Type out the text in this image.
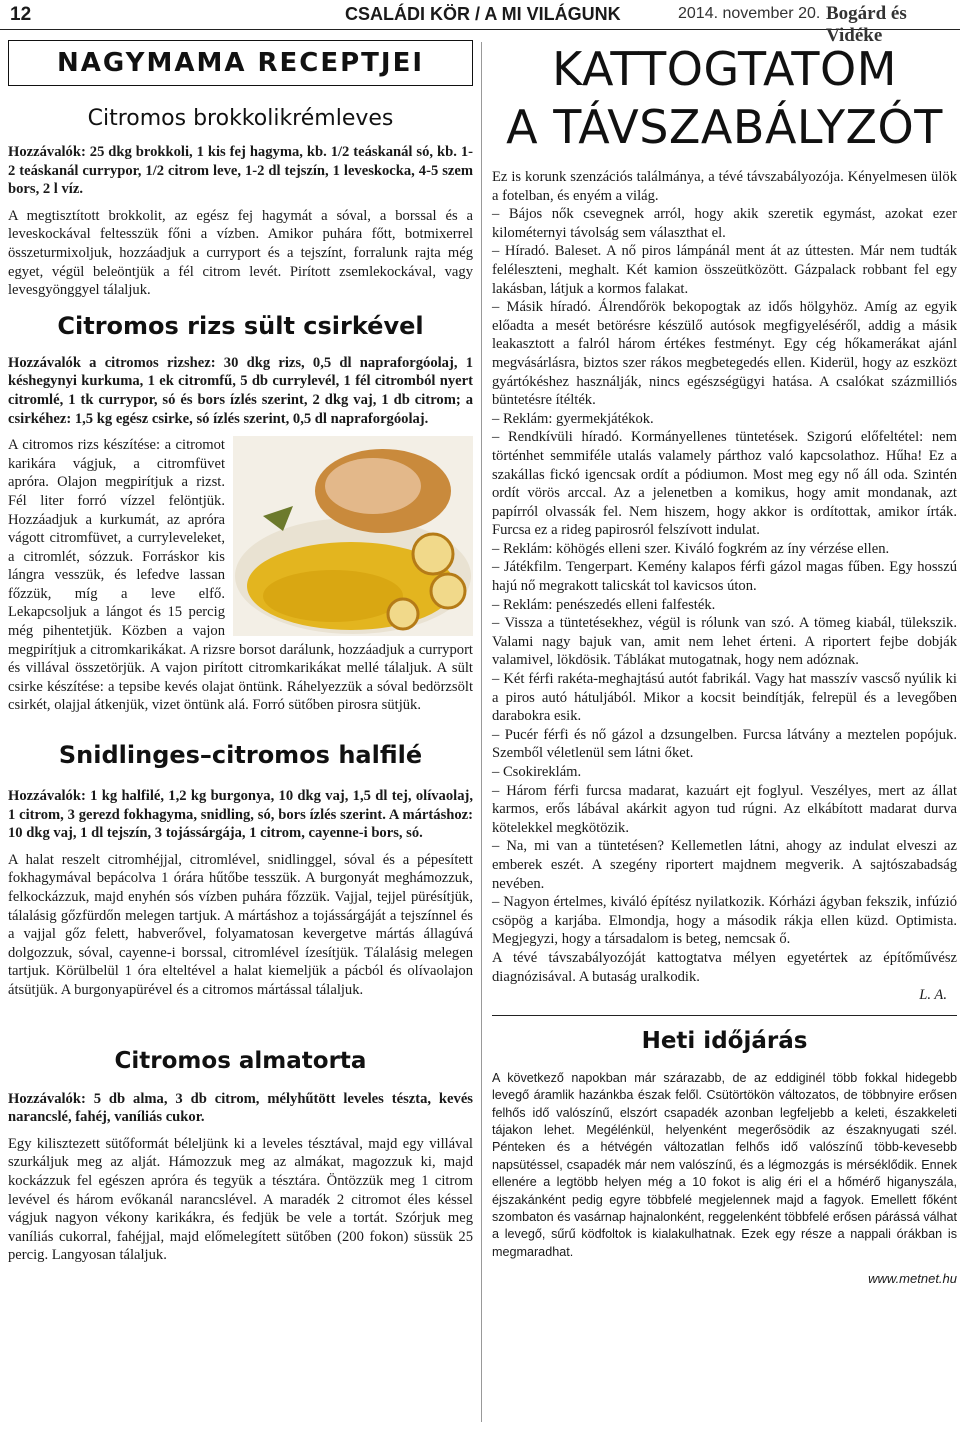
12	CSALÁDI KÖR / A MI VILÁGUNK	2014. november 20. Bogárd és Vidéke
NAGYMAMA RECEPTJEI
Citromos brokkolikrémleves

Hozzávalók: 25 dkg brokkoli, 1 kis fej hagyma, kb. 1/2 teáskanál só, kb. 1-2 teáskanál currypor, 1/2 citrom leve, 1-2 dl tejszín, 1 leveskocka, 4-5 szem bors, 2 l víz.

A megtisztított brokkolit, az egész fej hagymát a sóval, a borssal és a leveskockával feltesszük főni a vízben. Amikor puhára főtt, botmixerrel összeturmixoljuk, hozzáadjuk a curryport és a tejszínt, forralunk rajta még egyet, végül beleöntjük a fél citrom levét. Pirított zsemlekockával, vagy levesgyönggyel tálaljuk.

Citromos rizs sült csirkével

Hozzávalók a citromos rizshez: 30 dkg rizs, 0,5 dl napraforgóolaj, 1 késhegynyi kurkuma, 1 ek citromfű, 5 db currylevél, 1 fél citromból nyert citromlé, 1 tk currypor, só és bors ízlés szerint, 2 dkg vaj, 1 db citrom; a csirkéhez: 1,5 kg egész csirke, só ízlés szerint, 0,5 dl napraforgóolaj.

A citromos rizs készítése: a citromot karikára vágjuk, a citromfüvet apróra. Olajon megpirítjuk a rizst. Fél liter forró vízzel felöntjük. Hozzáadjuk a kurkumát, az apróra vágott citromfüvet, a curryleveleket, a citromlét, sózzuk. Forráskor kis lángra vesszük, és lefedve lassan főzzük, míg a leve elfő. Lekapcsoljuk a lángot és 15 percig még pihentetjük. Közben a vajon megpirítjuk a citromkarikákat. A rizsre borsot darálunk, hozzáadjuk a curryport és villával összetörjük. A vajon pirított citromkarikákat mellé tálaljuk. A sült csirke készítése: a tepsibe kevés olajat öntünk. Ráhelyezzük a sóval bedörzsölt csirkét, olajjal átkenjük, vizet öntünk alá. Forró sütőben pirosra sütjük.

Snidlinges–citromos halfilé

Hozzávalók: 1 kg halfilé, 1,2 kg burgonya, 10 dkg vaj, 1,5 dl tej, olívaolaj, 1 citrom, 3 gerezd fokhagyma, snidling, só, bors ízlés szerint. A mártáshoz: 10 dkg vaj, 1 dl tejszín, 3 tojássárgája, 1 citrom, cayenne-i bors, só.

A halat reszelt citromhéjjal, citromlével, snidlinggel, sóval és a pépesített fokhagymával bepácolva 1 órára hűtőbe tesszük. A burgonyát meghámozzuk, felkockázzuk, majd enyhén sós vízben puhára főzzük. Vajjal, tejjel pürésítjük, tálalásig gőzfürdőn melegen tartjuk. A mártáshoz a tojássárgáját a tejszínnel és a vajjal gőz felett, habverővel, folyamatosan kevergetve mártás állagúvá dolgozzuk, sóval, cayenne-i borssal, citromlével ízesítjük. Tálalásig melegen tartjuk. Körülbelül 1 óra elteltével a halat kiemeljük a pácból és olívaolajon átsütjük. A burgonyapürével és a citromos mártással tálaljuk.

Citromos almatorta

Hozzávalók: 5 db alma, 3 db citrom, mélyhűtött leveles tészta, kevés narancslé, fahéj, vaníliás cukor.

Egy kilisztezett sütőformát béleljünk ki a leveles tésztával, majd egy villával szurkáljuk meg az alját. Hámozzuk meg az almákat, magozzuk ki, majd kockázzuk fel egészen apróra és tegyük a tésztára. Öntözzük meg 1 citrom levével és három evőkanál narancslével. A maradék 2 citromot éles késsel vágjuk nagyon vékony karikákra, és fedjük be vele a tortát. Szórjuk meg vaníliás cukorral, fahéjjal, majd előmelegített sütőben (200 fokon) süssük 25 percig. Langyosan tálaljuk.

KATTOGTATOM
A TÁVSZABÁLYZÓT

Ez is korunk szenzációs találmánya, a tévé távszabályozója. Kényelmesen ülök a fotelban, és enyém a világ.

– Bájos nők csevegnek arról, hogy akik szeretik egymást, azokat ezer kilométernyi távolság sem választhat el.

– Híradó. Baleset. A nő piros lámpánál ment át az úttesten. Már nem tudták feléleszteni, meghalt. Két kamion összeütközött. Gázpalack robbant fel egy lakásban, látjuk a kormos falakat.

– Másik híradó. Álrendőrök bekopogtak az idős hölgyhöz. Amíg az egyik előadta a mesét betörésre készülő autósok megfigyeléséről, addig a másik leakasztott a falról három értékes festményt. Egy cég hőkamerákat ajánl megvásárlásra, biztos szer rákos megbetegedés ellen. Kiderül, hogy az eszközt gyártókéshez használják, nincs egészségügyi hatása. A csalókat százmilliós büntetésre ítélték.

– Reklám: gyermekjátékok.

– Rendkívüli híradó. Kormányellenes tüntetések. Szigorú előfeltétel: nem történhet semmiféle utalás valamely párthoz való kapcsolathoz. Hűha! Ez a szakállas fickó igencsak ordít a pódiumon. Most meg egy nő áll oda. Szintén ordít vörös arccal. Az a jelenetben a komikus, hogy amit mondanak, azt papírról olvassák fel. Nem hiszem, hogy akkor is ordítottak, amikor írták. Furcsa ez a rideg papirosról felszívott indulat.

– Reklám: köhögés elleni szer. Kiváló fogkrém az íny vérzése ellen.

– Játékfilm. Tengerpart. Kemény kalapos férfi gázol magas fűben. Egy hosszú hajú nő megrakott talicskát tol kavicsos úton.

– Reklám: penészedés elleni falfesték.

– Vissza a tüntetésekhez, végül is rólunk van szó. A tömeg kiabál, tülekszik. Valami nagy bajuk van, amit nem lehet érteni. A riportert fejbe dobják valamivel, lökdösik. Táblákat mutogatnak, hogy nem adóznak.

– Két férfi rakéta-meghajtású autót fabrikál. Vagy hat masszív vascső nyúlik ki a piros autó hátuljából. Mikor a kocsit beindítják, felrepül és a levegőben darabokra esik.

– Pucér férfi és nő gázol a dzsungelben. Furcsa látvány a meztelen popójuk. Szemből véletlenül sem látni őket.

– Csokireklám.

– Három férfi furcsa madarat, kazuárt ejt foglyul. Veszélyes, mert az állat karmos, erős lábával akárkit agyon tud rúgni. Az elkábított madarat durva kötelekkel megkötözik.

– Na, mi van a tüntetésen? Kellemetlen látni, ahogy az indulat elveszi az emberek eszét. A szegény riportert majdnem megverik. A sajtószabadság nevében.

– Nagyon értelmes, kiváló építész nyilatkozik. Kórházi ágyban fekszik, infúzió csöpög a karjába. Elmondja, hogy a második rákja ellen küzd. Optimista. Megjegyzi, hogy a társadalom is beteg, nemcsak ő.

A tévé távszabályozóját kattogtatva mélyen egyetértek az építőművész diagnózisával. A butaság uralkodik.

L. A.

Heti időjárás

A következő napokban már szárazabb, de az eddiginél több fokkal hidegebb levegő áramlik hazánkba észak felől. Csütörtökön változatos, de többnyire erősen felhős idő valószínű, elszórt csapadék azonban legfeljebb a keleti, északkeleti tájakon lehet. Megélénkül, helyenként megerősödik az északnyugati szél. Pénteken és a hétvégén változatlan felhős idő valószínű több-kevesebb napsütéssel, csapadék már nem valószínű, és a légmozgás is mérséklődik. Ennek ellenére a legtöbb helyen még a 10 fokot is alig éri el a hőmérő higanyszála, éjszakánként pedig egyre többfelé megjelennek majd a fagyok. Emellett főként szombaton és vasárnap hajnalonként, reggelenként többfelé erősen párássá válhat a levegő, sűrű ködfoltok is kialakulhatnak. Ezek egy része a nappali órákban is megmaradhat.

www.metnet.hu
